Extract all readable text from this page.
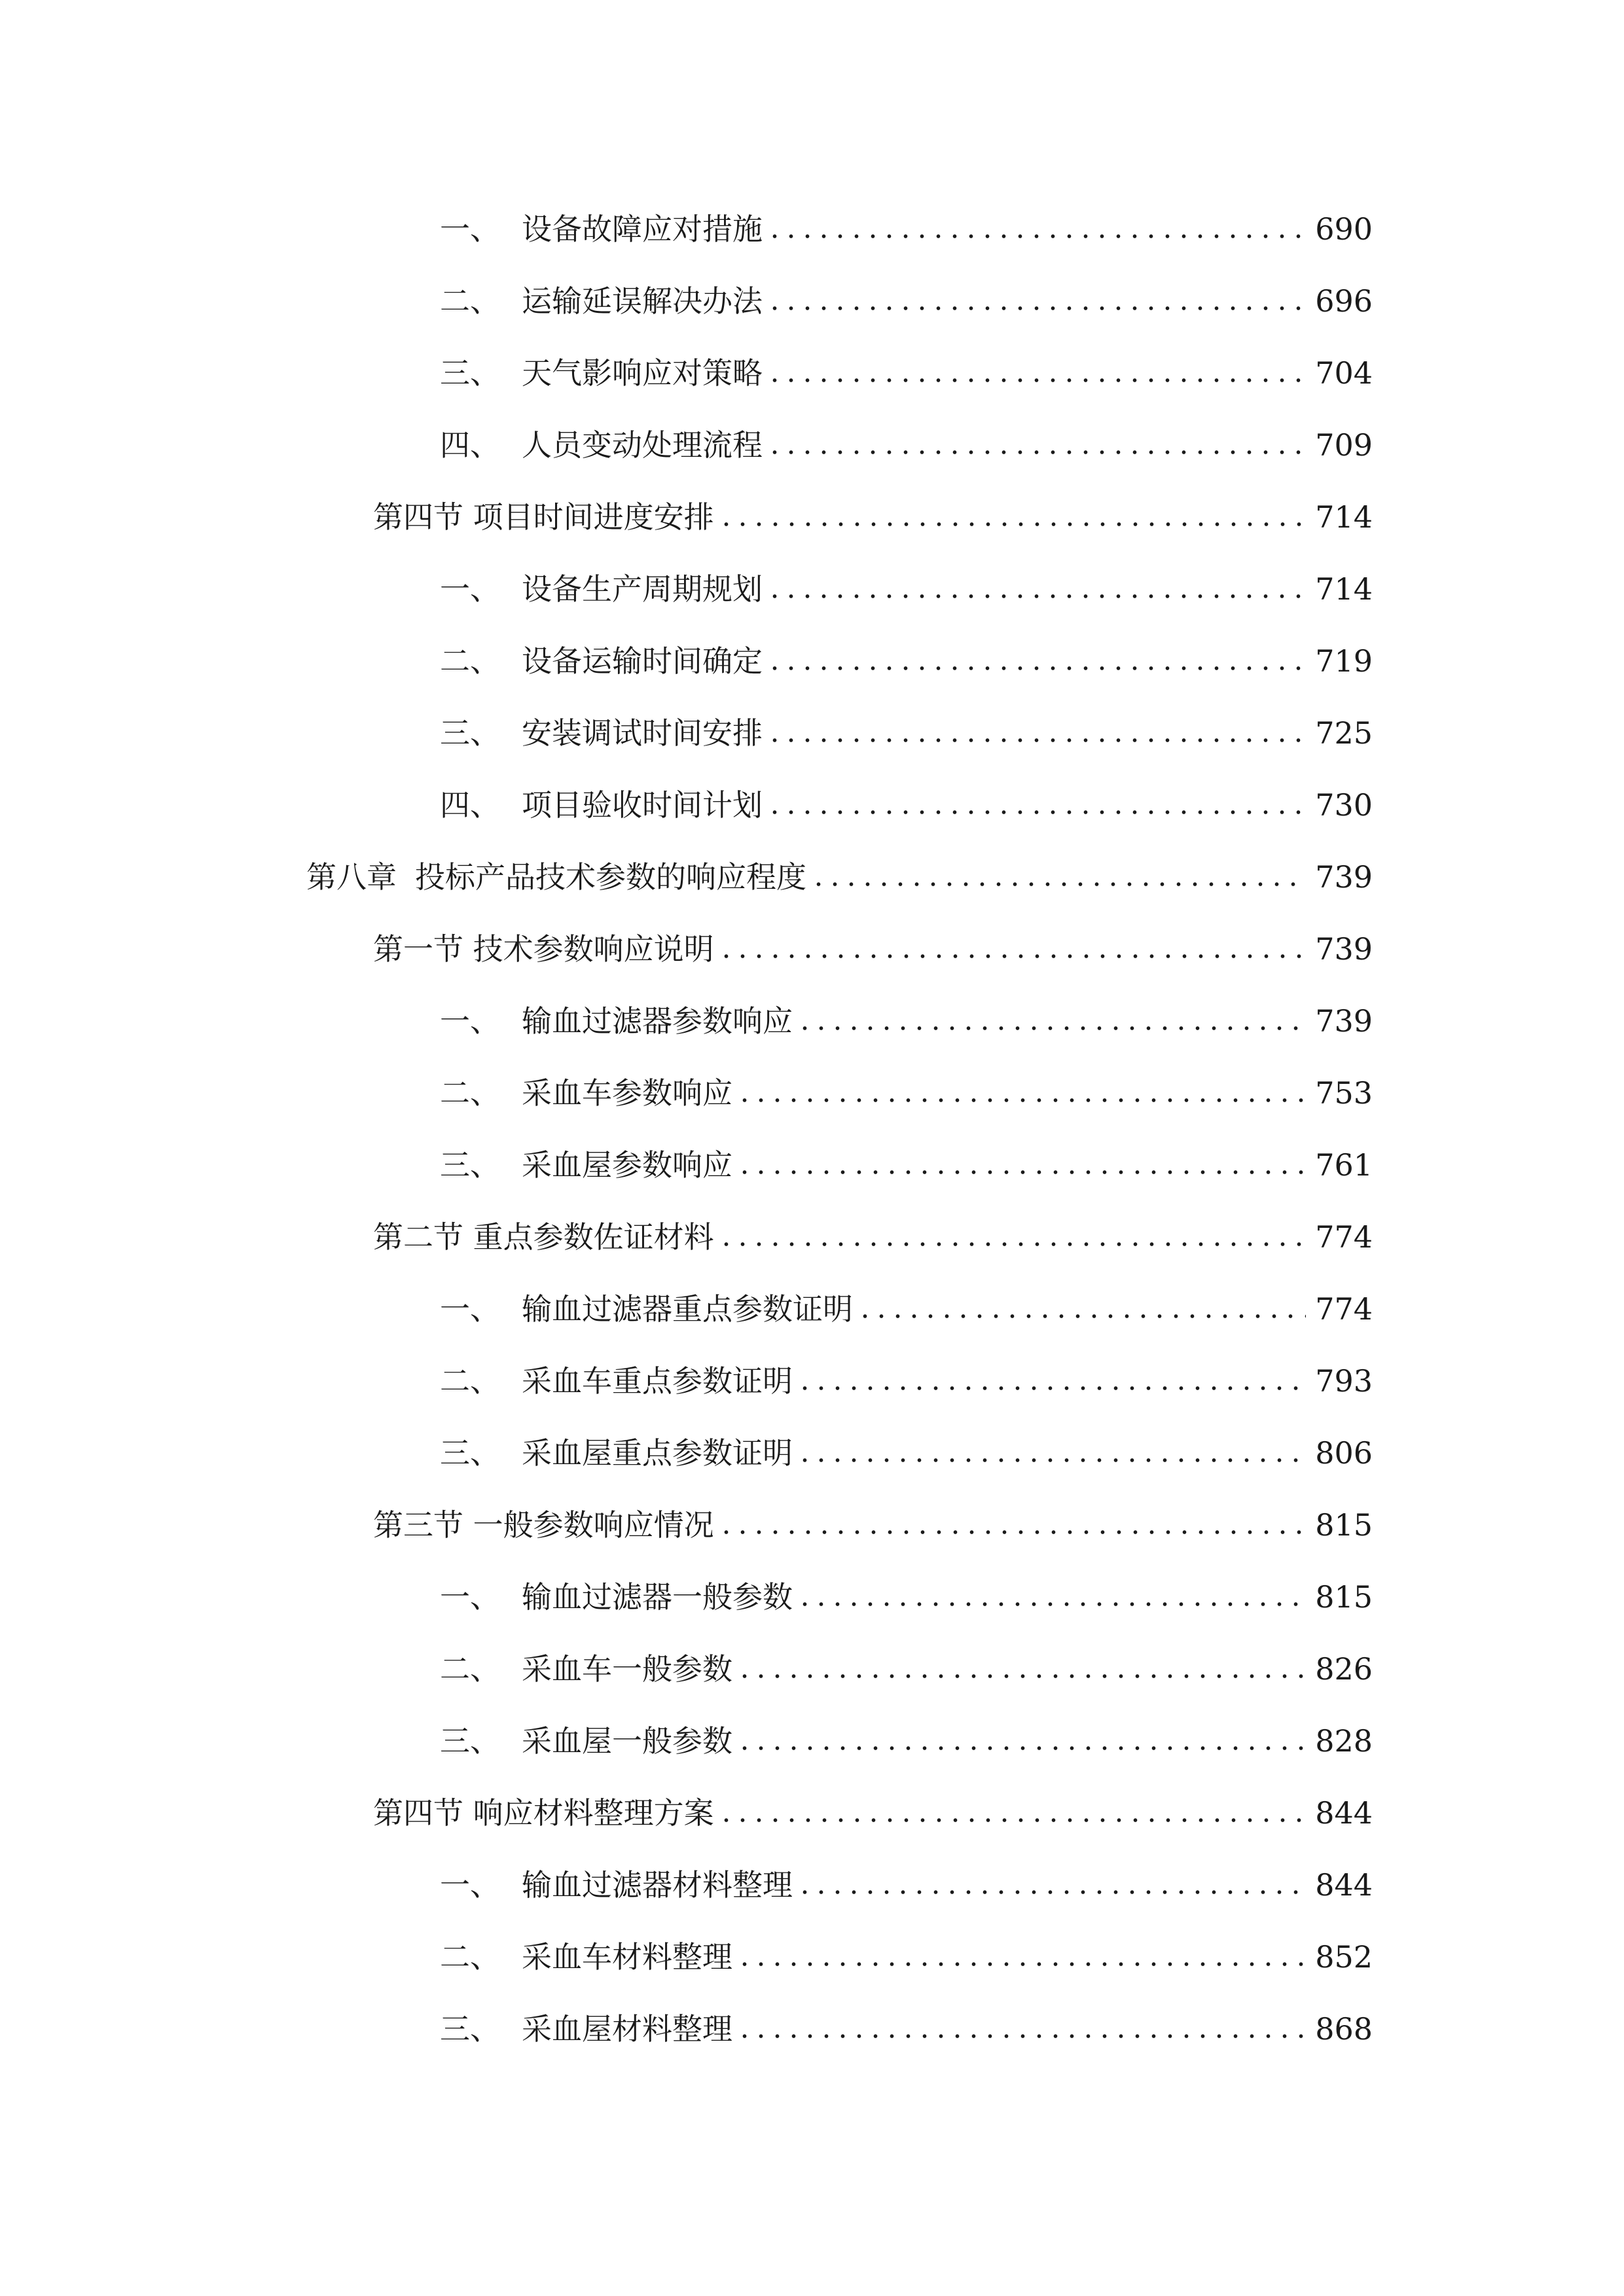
一、 设备故障应对措施	690
二、 运输延误解决办法	696
三、 天气影响应对策略	704
四、 人员变动处理流程	709
第四节 项目时间进度安排	714
一、 设备生产周期规划	714
二、 设备运输时间确定	719
三、 安装调试时间安排	725
四、 项目验收时间计划	730
第八章 投标产品技术参数的响应程度	739
第一节 技术参数响应说明	739
一、 输血过滤器参数响应	739
二、 采血车参数响应	753
三、 采血屋参数响应	761
第二节 重点参数佐证材料	774
一、 输血过滤器重点参数证明	774
二、 采血车重点参数证明	793
三、 采血屋重点参数证明	806
第三节 一般参数响应情况	815
一、 输血过滤器一般参数	815
二、 采血车一般参数	826
三、 采血屋一般参数	828
第四节 响应材料整理方案	844
一、 输血过滤器材料整理	844
二、 采血车材料整理	852
三、 采血屋材料整理	868
